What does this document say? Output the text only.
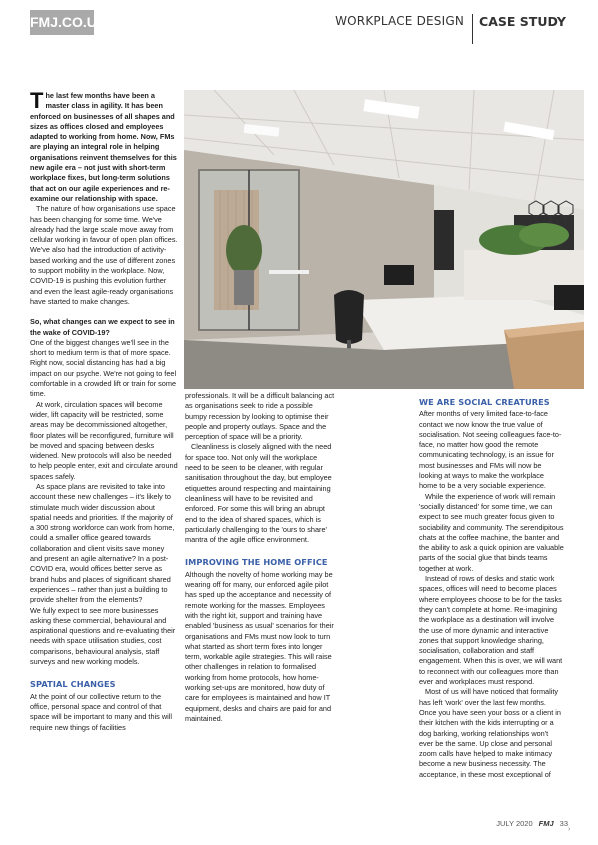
FMJ.CO.UK	WORKPLACE DESIGN	CASE STUDY

The last few months have been a master class in agility. It has been enforced on businesses of all shapes and sizes as offices closed and employees adapted to working from home. Now, FMs are playing an integral role in helping organisations reinvent themselves for this new agile era – not just with short-term workplace fixes, but long-term solutions that act on our agile experiences and re-examine our relationship with space.

The nature of how organisations use space has been changing for some time. We've already had the large scale move away from cellular working in favour of open plan offices. We've also had the introduction of activity-based working and the use of different zones to support mobility in the workplace. Now, COVID-19 is pushing this evolution further and even the least agile-ready organisations have started to make changes.

So, what changes can we expect to see in the wake of COVID-19?

One of the biggest changes we'll see in the short to medium term is that of more space. Right now, social distancing has had a big impact on our psyche. We're not going to feel comfortable in a crowded lift or train for some time.

At work, circulation spaces will become wider, lift capacity will be restricted, some areas may be decommissioned altogether, floor plates will be reconfigured, furniture will be moved and spacing between desks widened. New protocols will also be needed to help people enter, exit and circulate around spaces safely.

As space plans are revisited to take into account these new challenges – it's likely to stimulate much wider discussion about spatial needs and priorities. If the majority of a 300 strong workforce can work from home, could a smaller office geared towards collaboration and client visits save money and present an agile alternative? In a post-COVID era, would offices better serve as brand hubs and places of significant shared experiences – rather than just a building to provide shelter from the elements?

We fully expect to see more businesses asking these commercial, behavioural and aspirational questions and re-evaluating their needs with space utilisation studies, cost comparisons, behavioural analysis, staff surveys and new working models.

SPATIAL CHANGES

At the point of our collective return to the office, personal space and control of that space will be important to many and this will require new things of facilities

professionals. It will be a difficult balancing act as organisations seek to ride a possible bumpy recession by looking to optimise their people and property outlays. Space and the perception of space will be a priority.

Cleanliness is closely aligned with the need for space too. Not only will the workplace need to be seen to be cleaner, with regular sanitisation throughout the day, but employee etiquettes around respecting and maintaining cleanliness will have to be revisited and enforced. For some this will bring an abrupt end to the idea of shared spaces, which is particularly challenging to the 'ours to share' mantra of the agile office environment.

IMPROVING THE HOME OFFICE

Although the novelty of home working may be wearing off for many, our enforced agile pilot has sped up the acceptance and necessity of remote working for the masses. Employees with the right kit, support and training have enabled 'business as usual' scenarios for their organisations and FMs must now look to turn what started as short term fixes into longer term, workable agile strategies. This will raise other challenges in relation to formalised working from home protocols, how home-working set-ups are monitored, how duty of care for employees is maintained and how IT equipment, desks and chairs are paid for and maintained.

WE ARE SOCIAL CREATURES

After months of very limited face-to-face contact we now know the true value of socialisation. Not seeing colleagues face-to-face, no matter how good the remote communicating technology, is an issue for most businesses and FMs will now be looking at ways to make the workplace home to be a very sociable experience.

While the experience of work will remain 'socially distanced' for some time, we can expect to see much greater focus given to sociability and community. The serendipitous chats at the coffee machine, the banter and the ability to ask a quick opinion are valuable parts of the social glue that binds teams together at work.

Instead of rows of desks and static work spaces, offices will need to become places where employees choose to be for the tasks they can't complete at home. Re-imagining the workplace as a destination will involve the use of more dynamic and interactive zones that support knowledge sharing, socialisation, collaboration and staff engagement. When this is over, we will want to reconnect with our colleagues more than ever and workplaces must respond.

Most of us will have noticed that formality has left 'work' over the last few months. Once you have seen your boss or a client in their kitchen with the kids interrupting or a dog barking, working relationships won't ever be the same. Up close and personal zoom calls have helped to make intimacy become a new business necessity. The acceptance, in these most exceptional of

›
JULY 2020 FMJ 33
